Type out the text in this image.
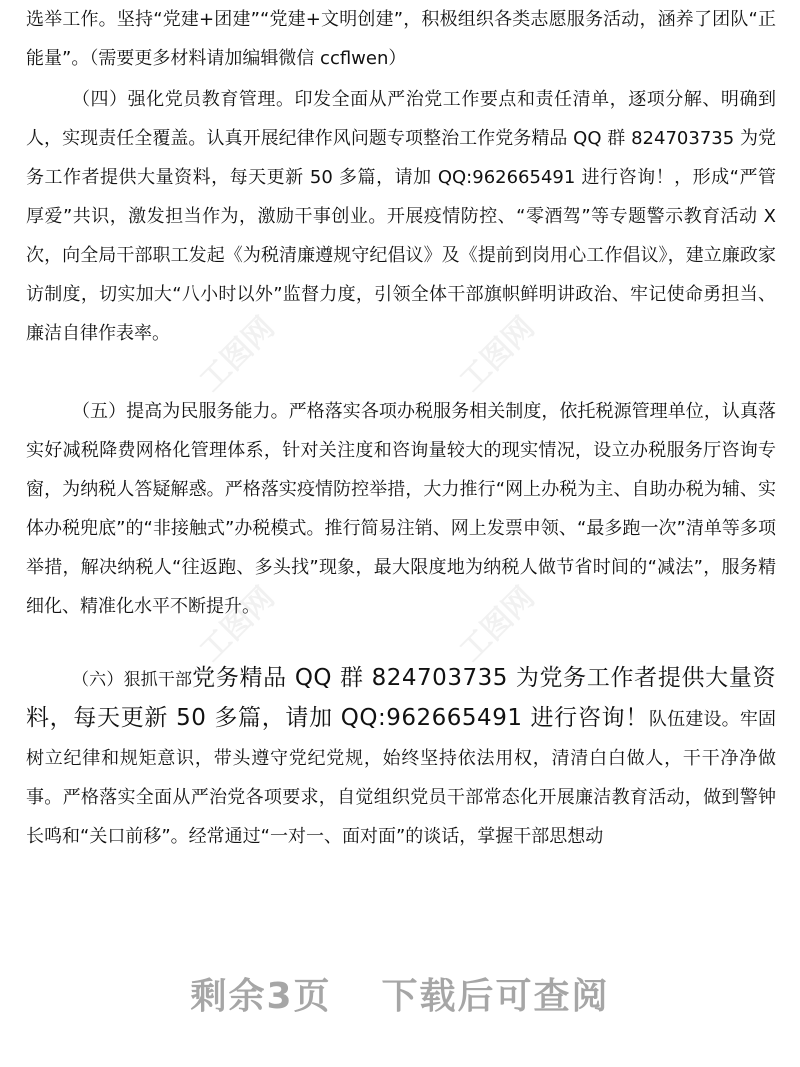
工图网	工图网
工图网	工图网

选举工作。坚持“党建+团建”“党建+文明创建”，积极组织各类志愿服务活动，涵养了团队“正能量”。（需要更多材料请加编辑微信 ccflwen）

（四）强化党员教育管理。印发全面从严治党工作要点和责任清单，逐项分解、明确到人，实现责任全覆盖。认真开展纪律作风问题专项整治工作党务精品 QQ 群 824703735 为党务工作者提供大量资料，每天更新 50 多篇，请加 QQ:962665491 进行咨询！，形成“严管厚爱”共识，激发担当作为，激励干事创业。开展疫情防控、“零酒驾”等专题警示教育活动 X 次，向全局干部职工发起《为税清廉遵规守纪倡议》及《提前到岗用心工作倡议》，建立廉政家访制度，切实加大“八小时以外”监督力度，引领全体干部旗帜鲜明讲政治、牢记使命勇担当、廉洁自律作表率。

（五）提高为民服务能力。严格落实各项办税服务相关制度，依托税源管理单位，认真落实好减税降费网格化管理体系，针对关注度和咨询量较大的现实情况，设立办税服务厅咨询专窗，为纳税人答疑解惑。严格落实疫情防控举措，大力推行“网上办税为主、自助办税为辅、实体办税兜底”的“非接触式”办税模式。推行简易注销、网上发票申领、“最多跑一次”清单等多项举措，解决纳税人“往返跑、多头找”现象，最大限度地为纳税人做节省时间的“减法”，服务精细化、精准化水平不断提升。

（六）狠抓干部党务精品 QQ 群 824703735 为党务工作者提供大量资料，每天更新 50 多篇，请加 QQ:962665491 进行咨询！队伍建设。牢固树立纪律和规矩意识，带头遵守党纪党规，始终坚持依法用权，清清白白做人，干干净净做事。严格落实全面从严治党各项要求，自觉组织党员干部常态化开展廉洁教育活动，做到警钟长鸣和“关口前移”。经常通过“一对一、面对面”的谈话，掌握干部思想动

剩余3页 下载后可查阅
